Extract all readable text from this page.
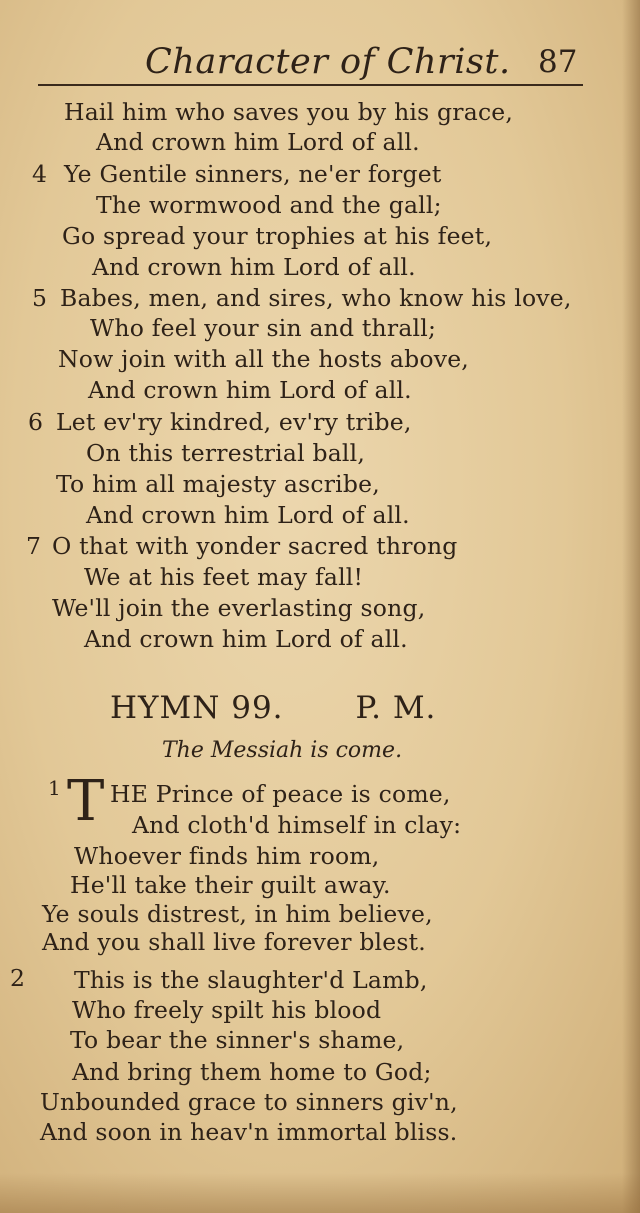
Character of Christ. 87
Hail him who saves you by his grace,
And crown him Lord of all.
4 Ye Gentile sinners, ne'er forget
The wormwood and the gall;
Go spread your trophies at his feet,
And crown him Lord of all.
5 Babes, men, and sires, who know his love,
Who feel your sin and thrall;
Now join with all the hosts above,
And crown him Lord of all.
6 Let ev'ry kindred, ev'ry tribe,
On this terrestrial ball,
To him all majesty ascribe,
And crown him Lord of all.
7 O that with yonder sacred throng
We at his feet may fall!
We'll join the everlasting song,
And crown him Lord of all.
HYMN 99. P. M.
The Messiah is come.
1 T HE Prince of peace is come,
And cloth'd himself in clay:
Whoever finds him room,
He'll take their guilt away.
Ye souls distrest, in him believe,
And you shall live forever blest.
2 This is the slaughter'd Lamb,
Who freely spilt his blood
To bear the sinner's shame,
And bring them home to God;
Unbounded grace to sinners giv'n,
And soon in heav'n immortal bliss.
